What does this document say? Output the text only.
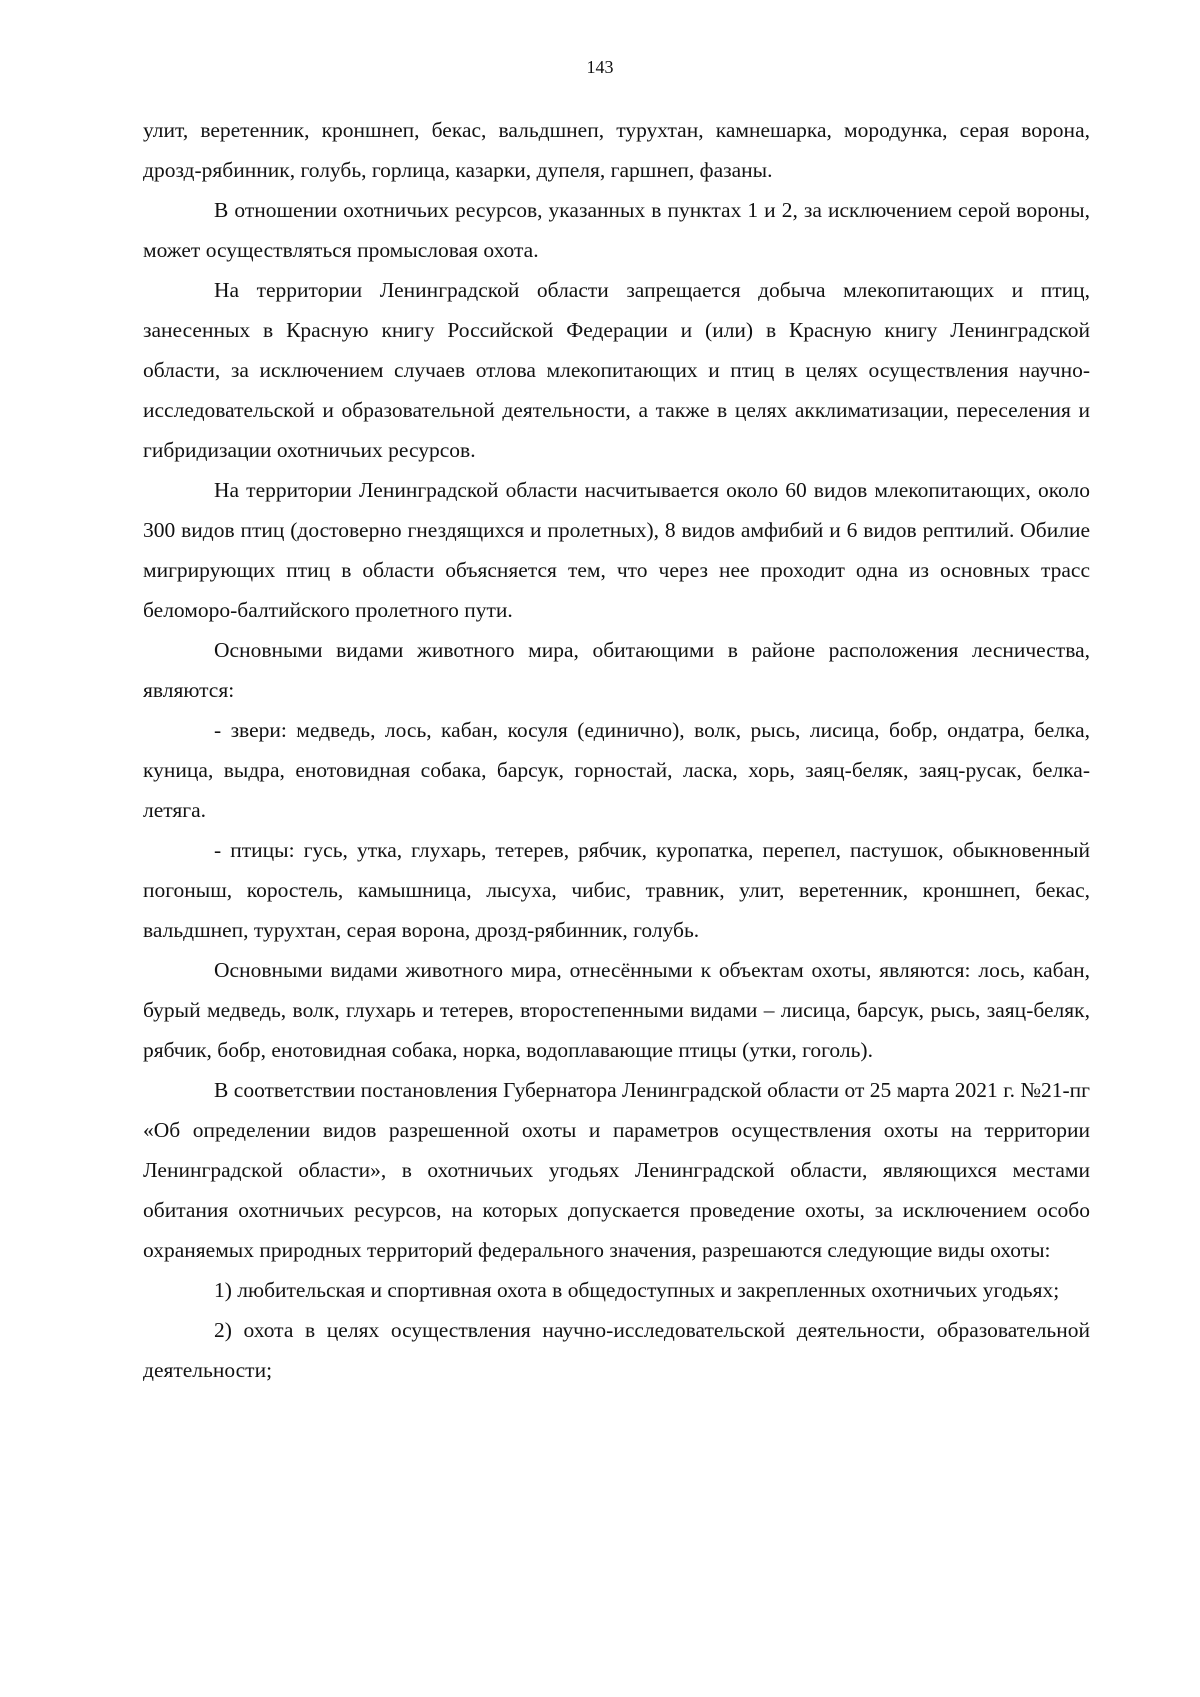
143

улит, веретенник, кроншнеп, бекас, вальдшнеп, турухтан, камнешарка, мородунка, серая ворона, дрозд-рябинник, голубь, горлица, казарки, дупеля, гаршнеп, фазаны.

В отношении охотничьих ресурсов, указанных в пунктах 1 и 2, за исключением серой вороны, может осуществляться промысловая охота.

На территории Ленинградской области запрещается добыча млекопитающих и птиц, занесенных в Красную книгу Российской Федерации и (или) в Красную книгу Ленинградской области, за исключением случаев отлова млекопитающих и птиц в целях осуществления научно-исследовательской и образовательной деятельности, а также в целях акклиматизации, переселения и гибридизации охотничьих ресурсов.

На территории Ленинградской области насчитывается около 60 видов млекопитающих, около 300 видов птиц (достоверно гнездящихся и пролетных), 8 видов амфибий и 6 видов рептилий. Обилие мигрирующих птиц в области объясняется тем, что через нее проходит одна из основных трасс беломоро-балтийского пролетного пути.

Основными видами животного мира, обитающими в районе расположения лесничества, являются:

- звери: медведь, лось, кабан, косуля (единично), волк, рысь, лисица, бобр, ондатра, белка, куница, выдра, енотовидная собака, барсук, горностай, ласка, хорь, заяц-беляк, заяц-русак, белка-летяга.

- птицы: гусь, утка, глухарь, тетерев, рябчик, куропатка, перепел, пастушок, обыкновенный погоныш, коростель, камышница, лысуха, чибис, травник, улит, веретенник, кроншнеп, бекас, вальдшнеп, турухтан, серая ворона, дрозд-рябинник, голубь.

Основными видами животного мира, отнесёнными к объектам охоты, являются: лось, кабан, бурый медведь, волк, глухарь и тетерев, второстепенными видами – лисица, барсук, рысь, заяц-беляк, рябчик, бобр, енотовидная собака, норка, водоплавающие птицы (утки, гоголь).

В соответствии постановления Губернатора Ленинградской области от 25 марта 2021 г. №21-пг «Об определении видов разрешенной охоты и параметров осуществления охоты на территории Ленинградской области», в охотничьих угодьях Ленинградской области, являющихся местами обитания охотничьих ресурсов, на которых допускается проведение охоты, за исключением особо охраняемых природных территорий федерального значения, разрешаются следующие виды охоты:

1) любительская и спортивная охота в общедоступных и закрепленных охотничьих угодьях;

2) охота в целях осуществления научно-исследовательской деятельности, образовательной деятельности;
